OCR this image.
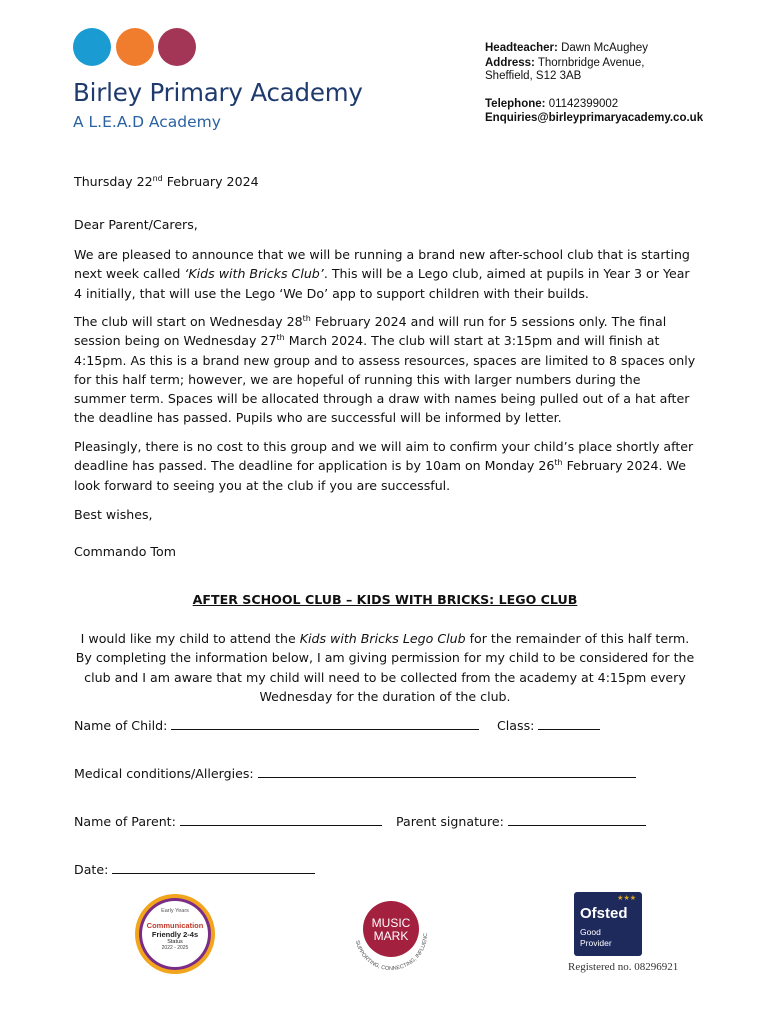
Birley Primary Academy
A L.E.A.D Academy
Headteacher: Dawn McAughey
Address: Thornbridge Avenue,
Sheffield, S12 3AB
Telephone: 01142399002
Enquiries@birleyprimaryacademy.co.uk
Thursday 22nd February 2024
Dear Parent/Carers,

We are pleased to announce that we will be running a brand new after-school club that is starting next week called ‘Kids with Bricks Club’. This will be a Lego club, aimed at pupils in Year 3 or Year 4 initially, that will use the Lego ‘We Do’ app to support children with their builds.

The club will start on Wednesday 28th February 2024 and will run for 5 sessions only. The final session being on Wednesday 27th March 2024. The club will start at 3:15pm and will finish at 4:15pm. As this is a brand new group and to assess resources, spaces are limited to 8 spaces only for this half term; however, we are hopeful of running this with larger numbers during the summer term. Spaces will be allocated through a draw with names being pulled out of a hat after the deadline has passed. Pupils who are successful will be informed by letter.

Pleasingly, there is no cost to this group and we will aim to confirm your child’s place shortly after deadline has passed. The deadline for application is by 10am on Monday 26th February 2024. We look forward to seeing you at the club if you are successful.

Best wishes,
Commando Tom
AFTER SCHOOL CLUB – KIDS WITH BRICKS: LEGO CLUB

I would like my child to attend the Kids with Bricks Lego Club for the remainder of this half term. By completing the information below, I am giving permission for my child to be considered for the club and I am aware that my child will need to be collected from the academy at 4:15pm every Wednesday for the duration of the club.

Name of Child:	Class:
Medical conditions/Allergies:
Name of Parent:	Parent signature:
Date:
Early Years
Communication
Friendly 2-4s
Status
2022 - 2025
SUPPORTING, CONNECTING, INFLUENC
MUSIC
MARK
★★★
Ofsted
Good
Provider
Registered no. 08296921
